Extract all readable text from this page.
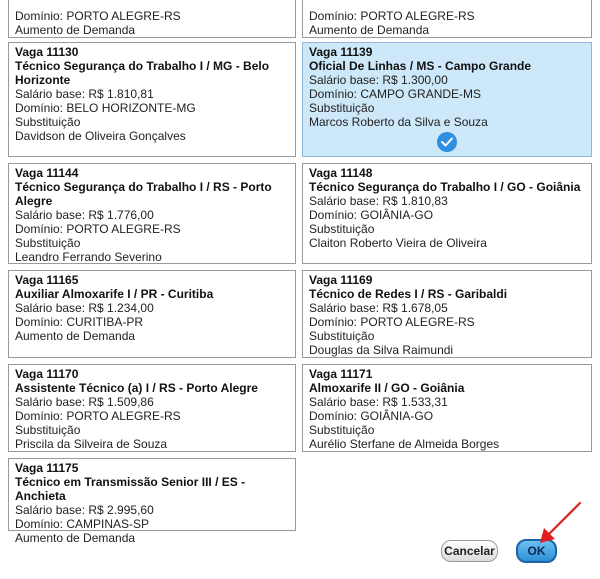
Domínio: PORTO ALEGRE-RS
Aumento de Demanda
Domínio: PORTO ALEGRE-RS
Aumento de Demanda
Vaga 11130
Técnico Segurança do Trabalho I / MG - Belo
Horizonte
Salário base: R$ 1.810,81
Domínio: BELO HORIZONTE-MG
Substituição
Davidson de Oliveira Gonçalves
Vaga 11139
Oficial De Linhas / MS - Campo Grande
Salário base: R$ 1.300,00
Domínio: CAMPO GRANDE-MS
Substituição
Marcos Roberto da Silva e Souza
Vaga 11144
Técnico Segurança do Trabalho I / RS - Porto
Alegre
Salário base: R$ 1.776,00
Domínio: PORTO ALEGRE-RS
Substituição
Leandro Ferrando Severino
Vaga 11148
Técnico Segurança do Trabalho I / GO - Goiânia
Salário base: R$ 1.810,83
Domínio: GOIÂNIA-GO
Substituição
Claiton Roberto Vieira de Oliveira
Vaga 11165
Auxiliar Almoxarife I / PR - Curitiba
Salário base: R$ 1.234,00
Domínio: CURITIBA-PR
Aumento de Demanda
Vaga 11169
Técnico de Redes I / RS - Garibaldi
Salário base: R$ 1.678,05
Domínio: PORTO ALEGRE-RS
Substituição
Douglas da Silva Raimundi
Vaga 11170
Assistente Técnico (a) I / RS - Porto Alegre
Salário base: R$ 1.509,86
Domínio: PORTO ALEGRE-RS
Substituição
Priscila da Silveira de Souza
Vaga 11171
Almoxarife II / GO - Goiânia
Salário base: R$ 1.533,31
Domínio: GOIÂNIA-GO
Substituição
Aurélio Sterfane de Almeida Borges
Vaga 11175
Técnico em Transmissão Senior III / ES - Anchieta
Salário base: R$ 2.995,60
Domínio: CAMPINAS-SP
Aumento de Demanda
Cancelar	OK
